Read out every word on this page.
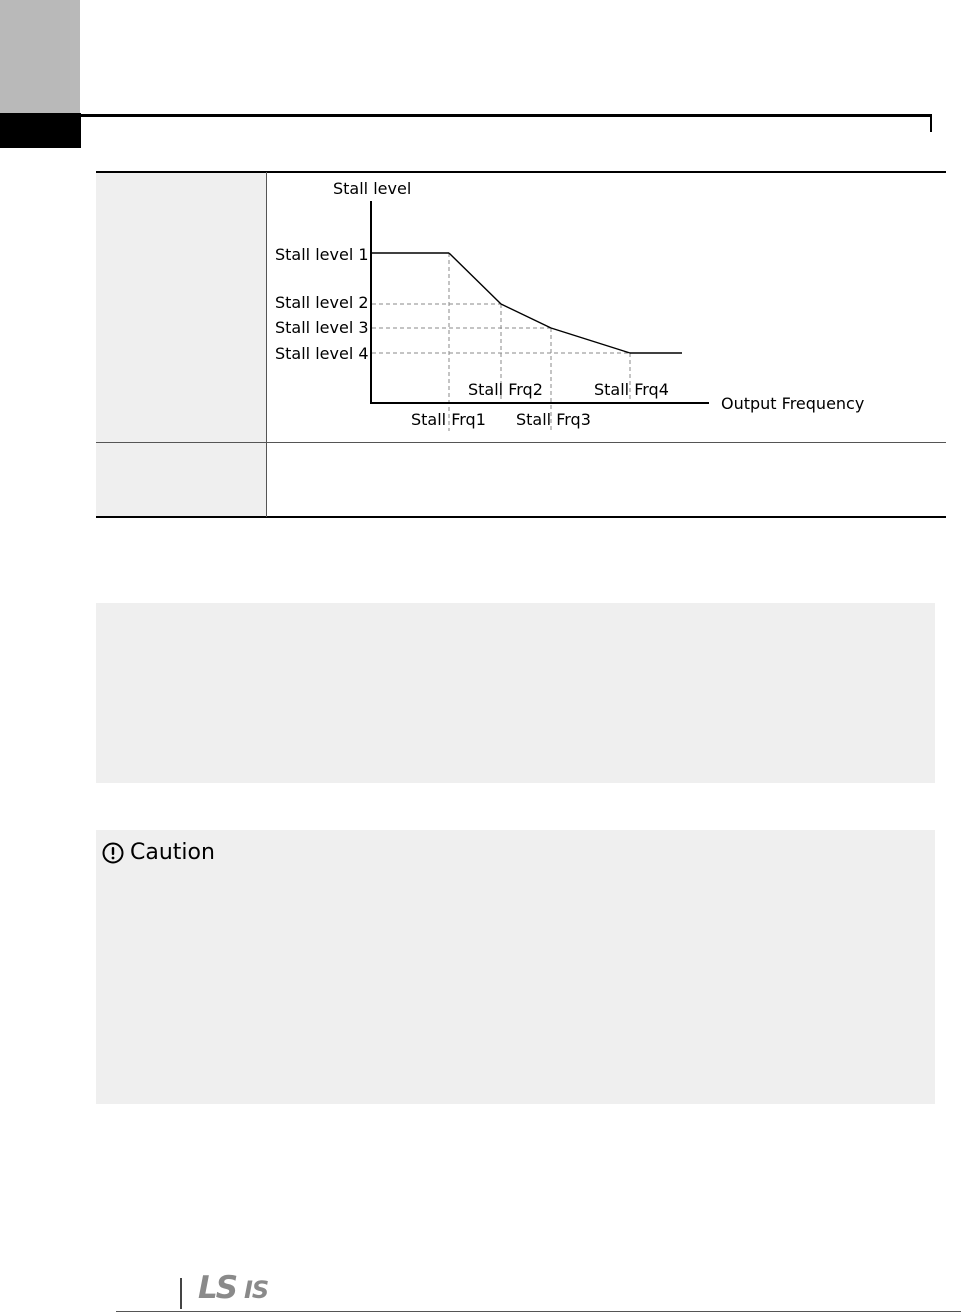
Stall level
Stall level 1
Stall level 2
Stall level 3
Stall level 4
Stall Frq1
Stall Frq2
Stall Frq3
Stall Frq4
Output Frequency
Caution
LS IS
